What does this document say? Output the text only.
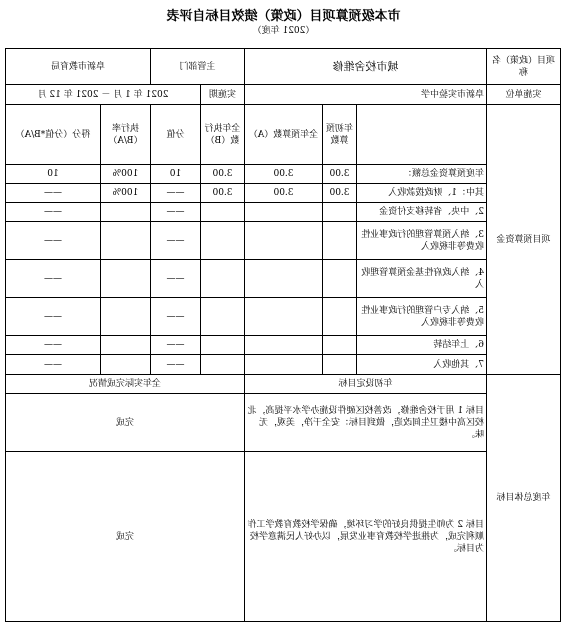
市本级预算项目（政策）绩效目标自评表
（2021 年度）
项目（政策）名称	城市校舍维修			主管部门		阜新市教育局	
实施单位	阜新市实验中学			实施期	2021 年 1 月 － 2021 年 12 月		
项目预算资金		年初预算数	全年预算数（A）	全年执行数（B）	分值	执行率（B/A）	得分（分值*B/A）
	年度预算资金总额：	3.00	3.00	3.00	10	100%	10
	其中：1、财政拨款收入	3.00	3.00	3.00	——	100%	——
	2、中央、省转移支付资金				——		——
	3、纳入预算管理的行政事业性收费等非税收入				——		——
	4、纳入政府性基金预算管理收入				——		——
	5、纳入专户管理的行政事业性收费等非税收入				——		——
	6、上年结转				——		——
	7、其他收入				——		——
年度总体目标	年初设定目标			全年实际完成情况			
	目标 1 用于校舍维修，改善校区硬件设施办学水平提高，北校区高中楼卫生间改造，做到目标：安全干净，美观，无味。			完成			
	目标 2 为师生提供良好的学习环境，确保学校教育教学工作顺利完成，为推进学校教育事业发展，以办好人民满意学校为目标。			完成			
